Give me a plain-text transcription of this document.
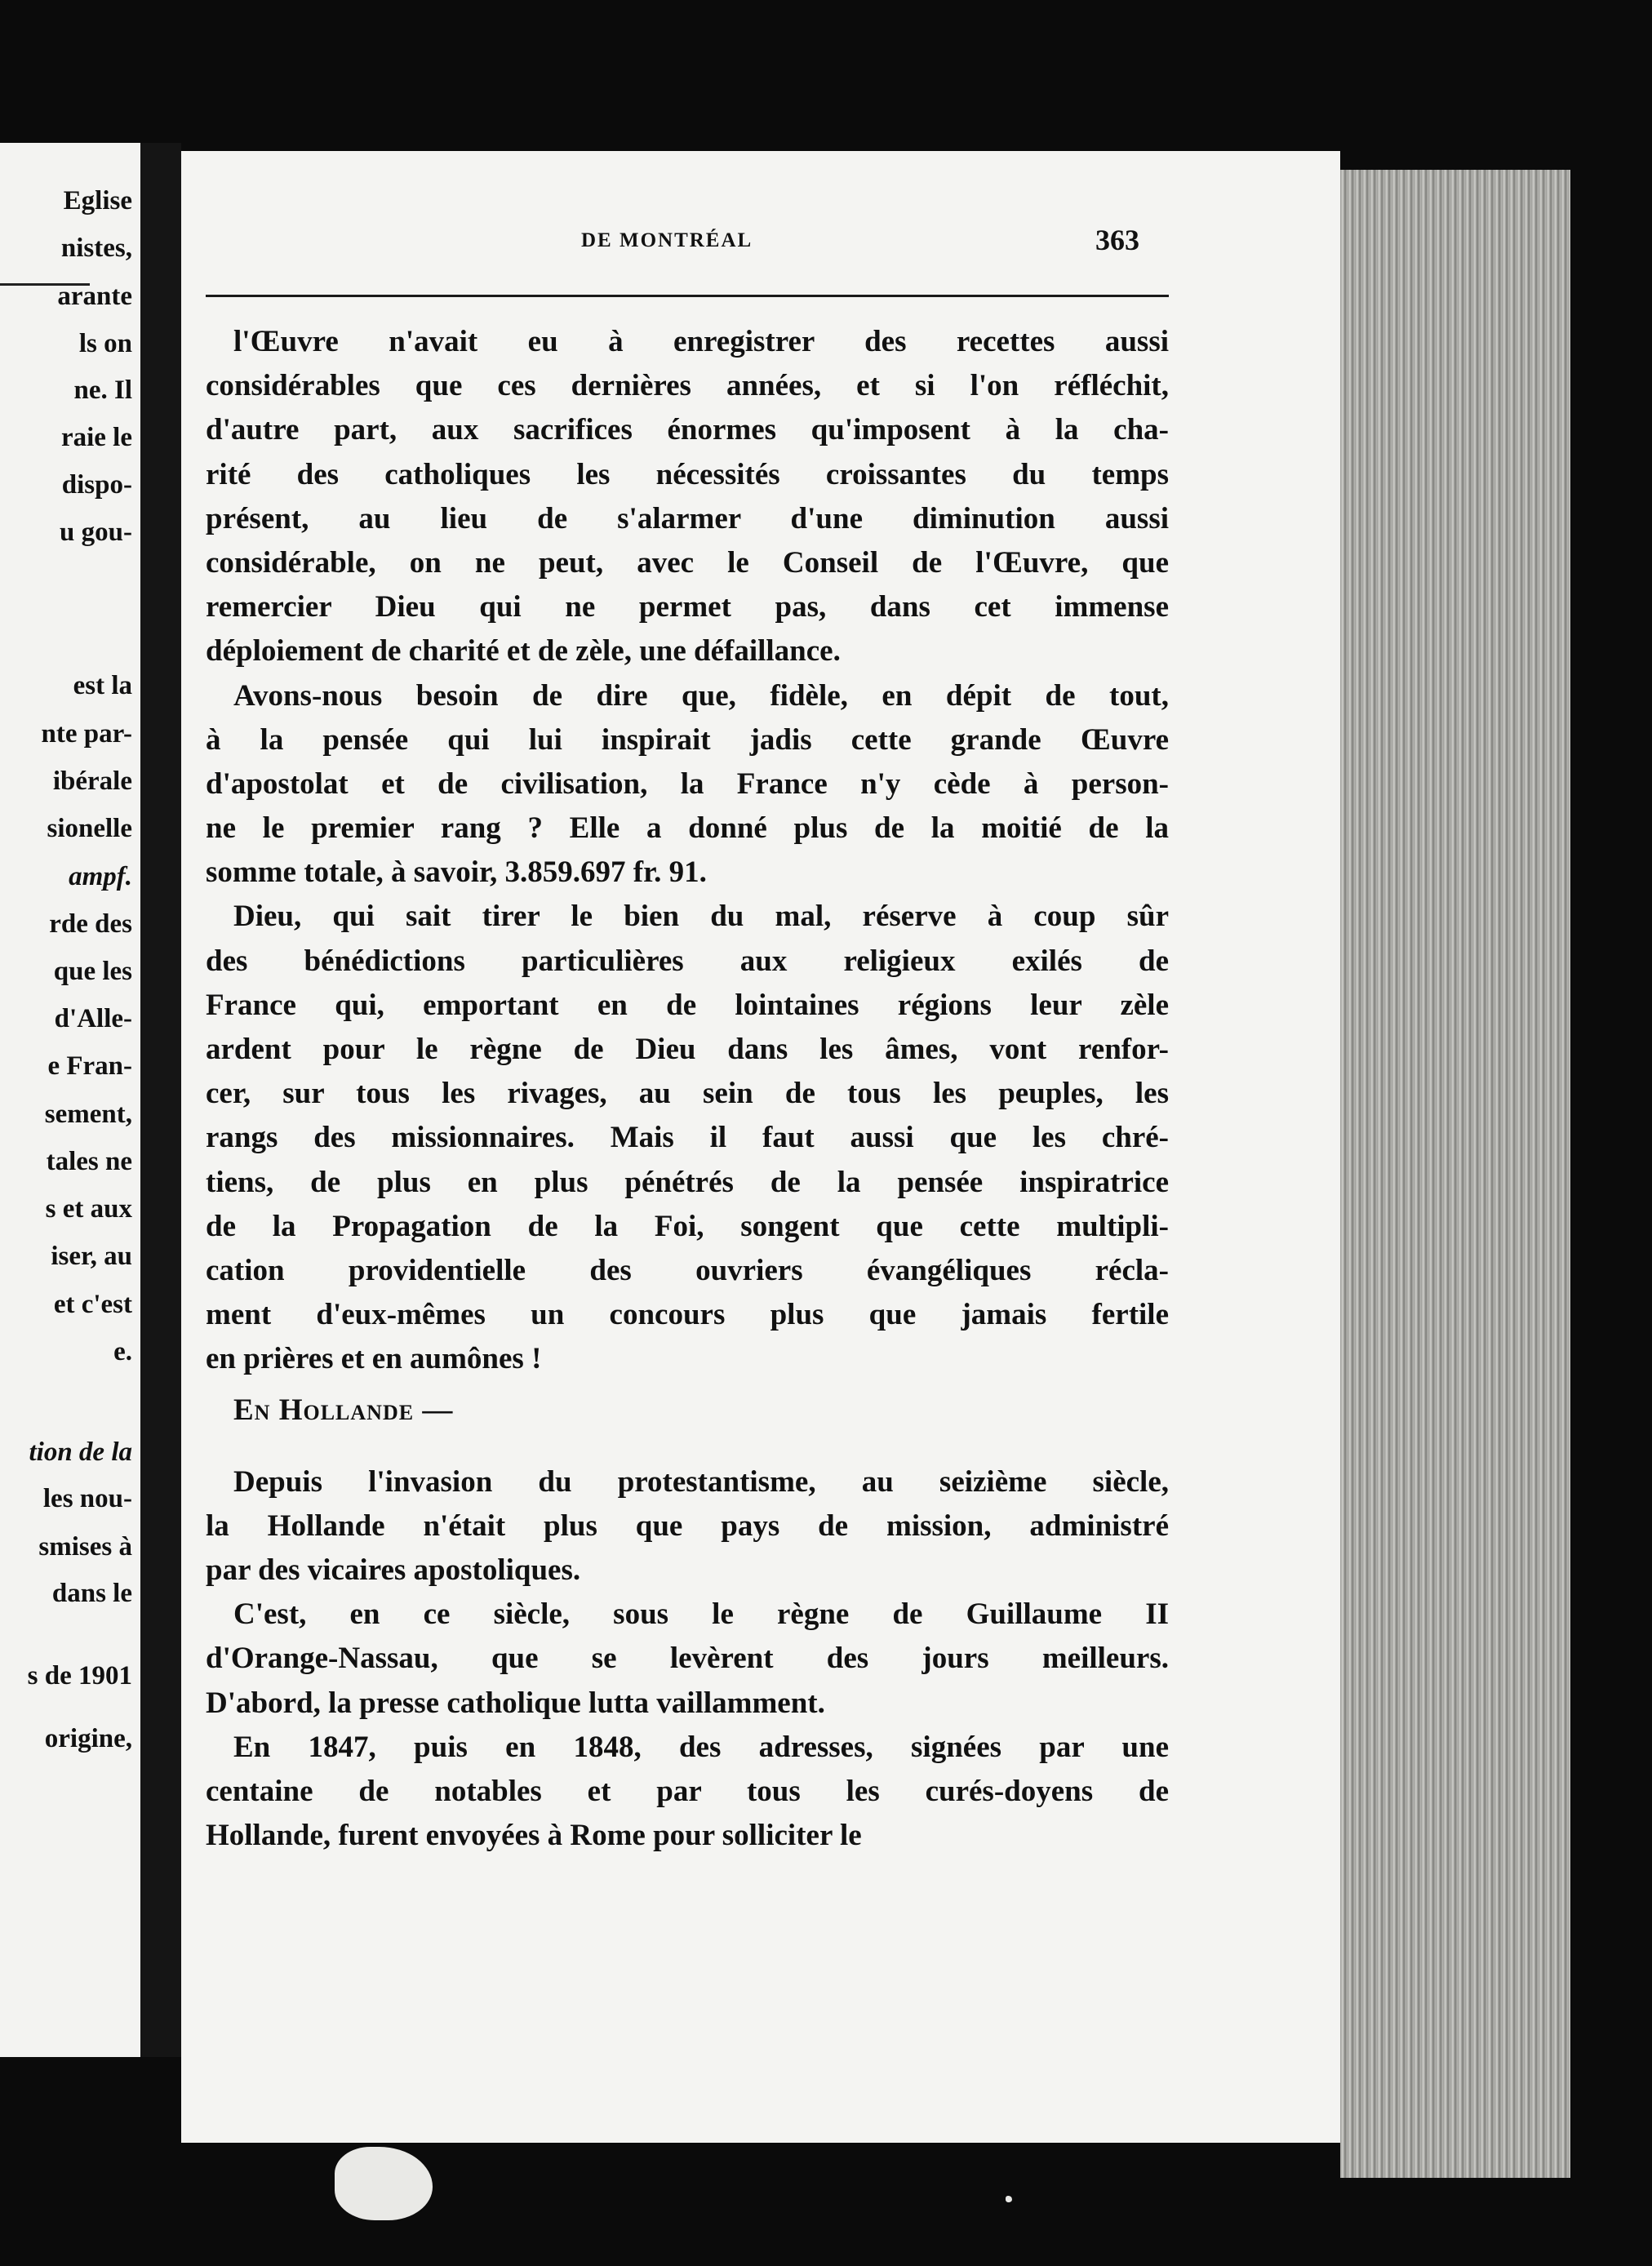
Eglise
nistes,
arante
ls on
ne. Il
raie le
dispo-
u gou-
est la
nte par-
ibérale
sionelle
ampf.
rde des
que les
d'Alle-
e Fran-
sement,
tales ne
s et aux
iser, au
et c'est
e.
tion de la
les nou-
smises à
dans le
s de 1901
origine,
DE MONTRÉAL	363
l'Œuvre n'avait eu à enregistrer des recettes aussi
considérables que ces dernières années, et si l'on réfléchit,
d'autre part, aux sacrifices énormes qu'imposent à la cha-
rité des catholiques les nécessités croissantes du temps
présent, au lieu de s'alarmer d'une diminution aussi
considérable, on ne peut, avec le Conseil de l'Œuvre, que
remercier Dieu qui ne permet pas, dans cet immense
déploiement de charité et de zèle, une défaillance.
Avons-nous besoin de dire que, fidèle, en dépit de tout,
à la pensée qui lui inspirait jadis cette grande Œuvre
d'apostolat et de civilisation, la France n'y cède à person-
ne le premier rang ? Elle a donné plus de la moitié de la
somme totale, à savoir, 3.859.697 fr. 91.
Dieu, qui sait tirer le bien du mal, réserve à coup sûr
des bénédictions particulières aux religieux exilés de
France qui, emportant en de lointaines régions leur zèle
ardent pour le règne de Dieu dans les âmes, vont renfor-
cer, sur tous les rivages, au sein de tous les peuples, les
rangs des missionnaires. Mais il faut aussi que les chré-
tiens, de plus en plus pénétrés de la pensée inspiratrice
de la Propagation de la Foi, songent que cette multipli-
cation providentielle des ouvriers évangéliques récla-
ment d'eux-mêmes un concours plus que jamais fertile
en prières et en aumônes !
En Hollande —
Depuis l'invasion du protestantisme, au seizième siècle,
la Hollande n'était plus que pays de mission, administré
par des vicaires apostoliques.
C'est, en ce siècle, sous le règne de Guillaume II
d'Orange-Nassau, que se levèrent des jours meilleurs.
D'abord, la presse catholique lutta vaillamment.
En 1847, puis en 1848, des adresses, signées par une
centaine de notables et par tous les curés-doyens de
Hollande, furent envoyées à Rome pour solliciter le
